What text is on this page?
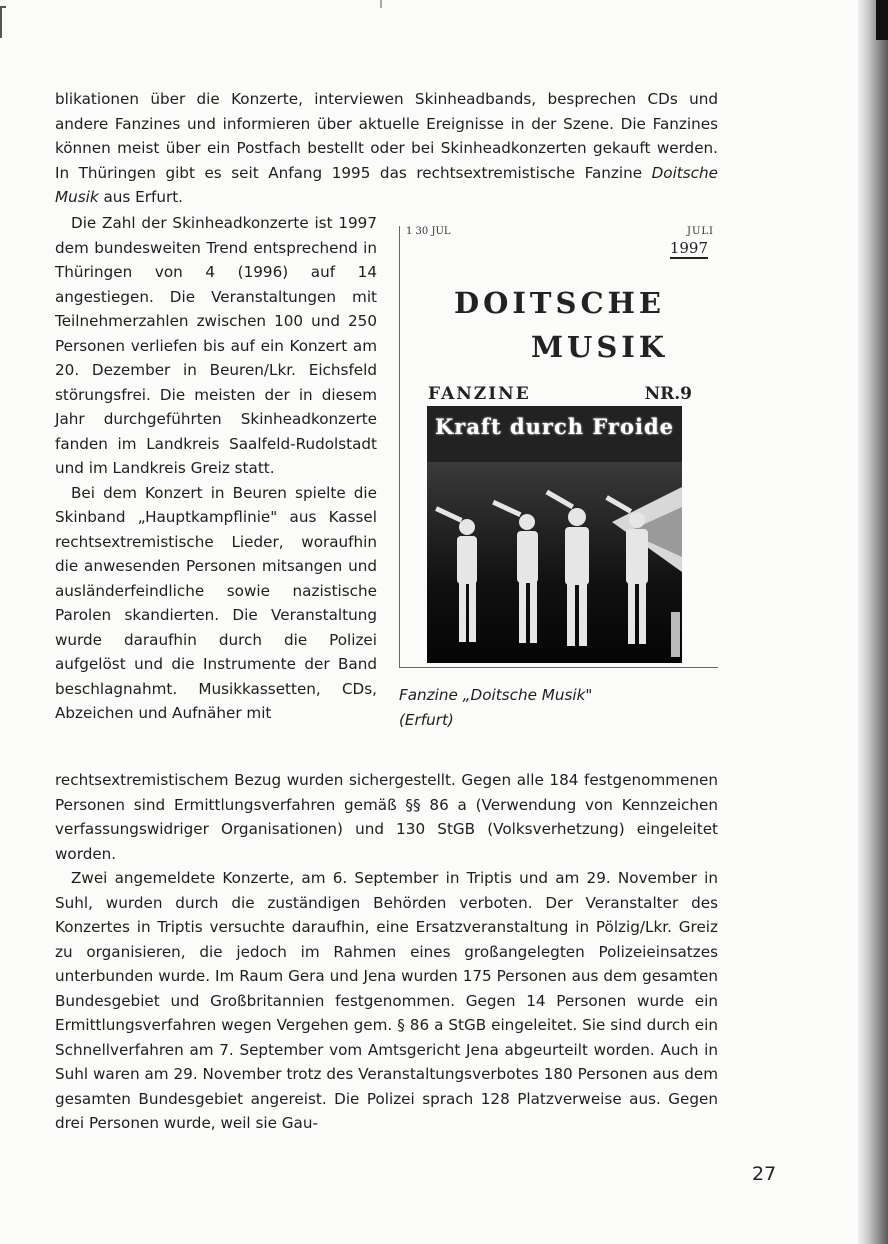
blikationen über die Konzerte, interviewen Skinheadbands, besprechen CDs und andere Fanzines und informieren über aktuelle Ereignisse in der Szene. Die Fanzines können meist über ein Postfach bestellt oder bei Skinheadkonzerten gekauft werden. In Thüringen gibt es seit Anfang 1995 das rechtsextremistische Fanzine Doitsche Musik aus Erfurt.

Die Zahl der Skinheadkonzerte ist 1997 dem bundesweiten Trend entsprechend in Thüringen von 4 (1996) auf 14 angestiegen. Die Veranstaltungen mit Teilnehmerzahlen zwischen 100 und 250 Personen verliefen bis auf ein Konzert am 20. Dezember in Beuren/Lkr. Eichsfeld störungsfrei. Die meisten der in diesem Jahr durchgeführten Skinheadkonzerte fanden im Landkreis Saalfeld-Rudolstadt und im Landkreis Greiz statt.

Bei dem Konzert in Beuren spielte die Skinband „Hauptkampflinie" aus Kassel rechtsextremistische Lieder, woraufhin die anwesenden Personen mitsangen und ausländerfeindliche sowie nazistische Parolen skandierten. Die Veranstaltung wurde daraufhin durch die Polizei aufgelöst und die Instrumente der Band beschlagnahmt. Musikkassetten, CDs, Abzeichen und Aufnäher mit

1 30 JUL	JULI
1997
DOITSCHE
MUSIK
FANZINE	NR.9
Kraft durch Froide
Fanzine „Doitsche Musik"
(Erfurt)

rechtsextremistischem Bezug wurden sichergestellt. Gegen alle 184 festgenommenen Personen sind Ermittlungsverfahren gemäß §§ 86 a (Verwendung von Kennzeichen verfassungswidriger Organisationen) und 130 StGB (Volksverhetzung) eingeleitet worden.

Zwei angemeldete Konzerte, am 6. September in Triptis und am 29. November in Suhl, wurden durch die zuständigen Behörden verboten. Der Veranstalter des Konzertes in Triptis versuchte daraufhin, eine Ersatzveranstaltung in Pölzig/Lkr. Greiz zu organisieren, die jedoch im Rahmen eines großangelegten Polizeieinsatzes unterbunden wurde. Im Raum Gera und Jena wurden 175 Personen aus dem gesamten Bundesgebiet und Großbritannien festgenommen. Gegen 14 Personen wurde ein Ermittlungsverfahren wegen Vergehen gem. § 86 a StGB eingeleitet. Sie sind durch ein Schnellverfahren am 7. September vom Amtsgericht Jena abgeurteilt worden. Auch in Suhl waren am 29. November trotz des Veranstaltungsverbotes 180 Personen aus dem gesamten Bundesgebiet angereist. Die Polizei sprach 128 Platzverweise aus. Gegen drei Personen wurde, weil sie Gau-

27
